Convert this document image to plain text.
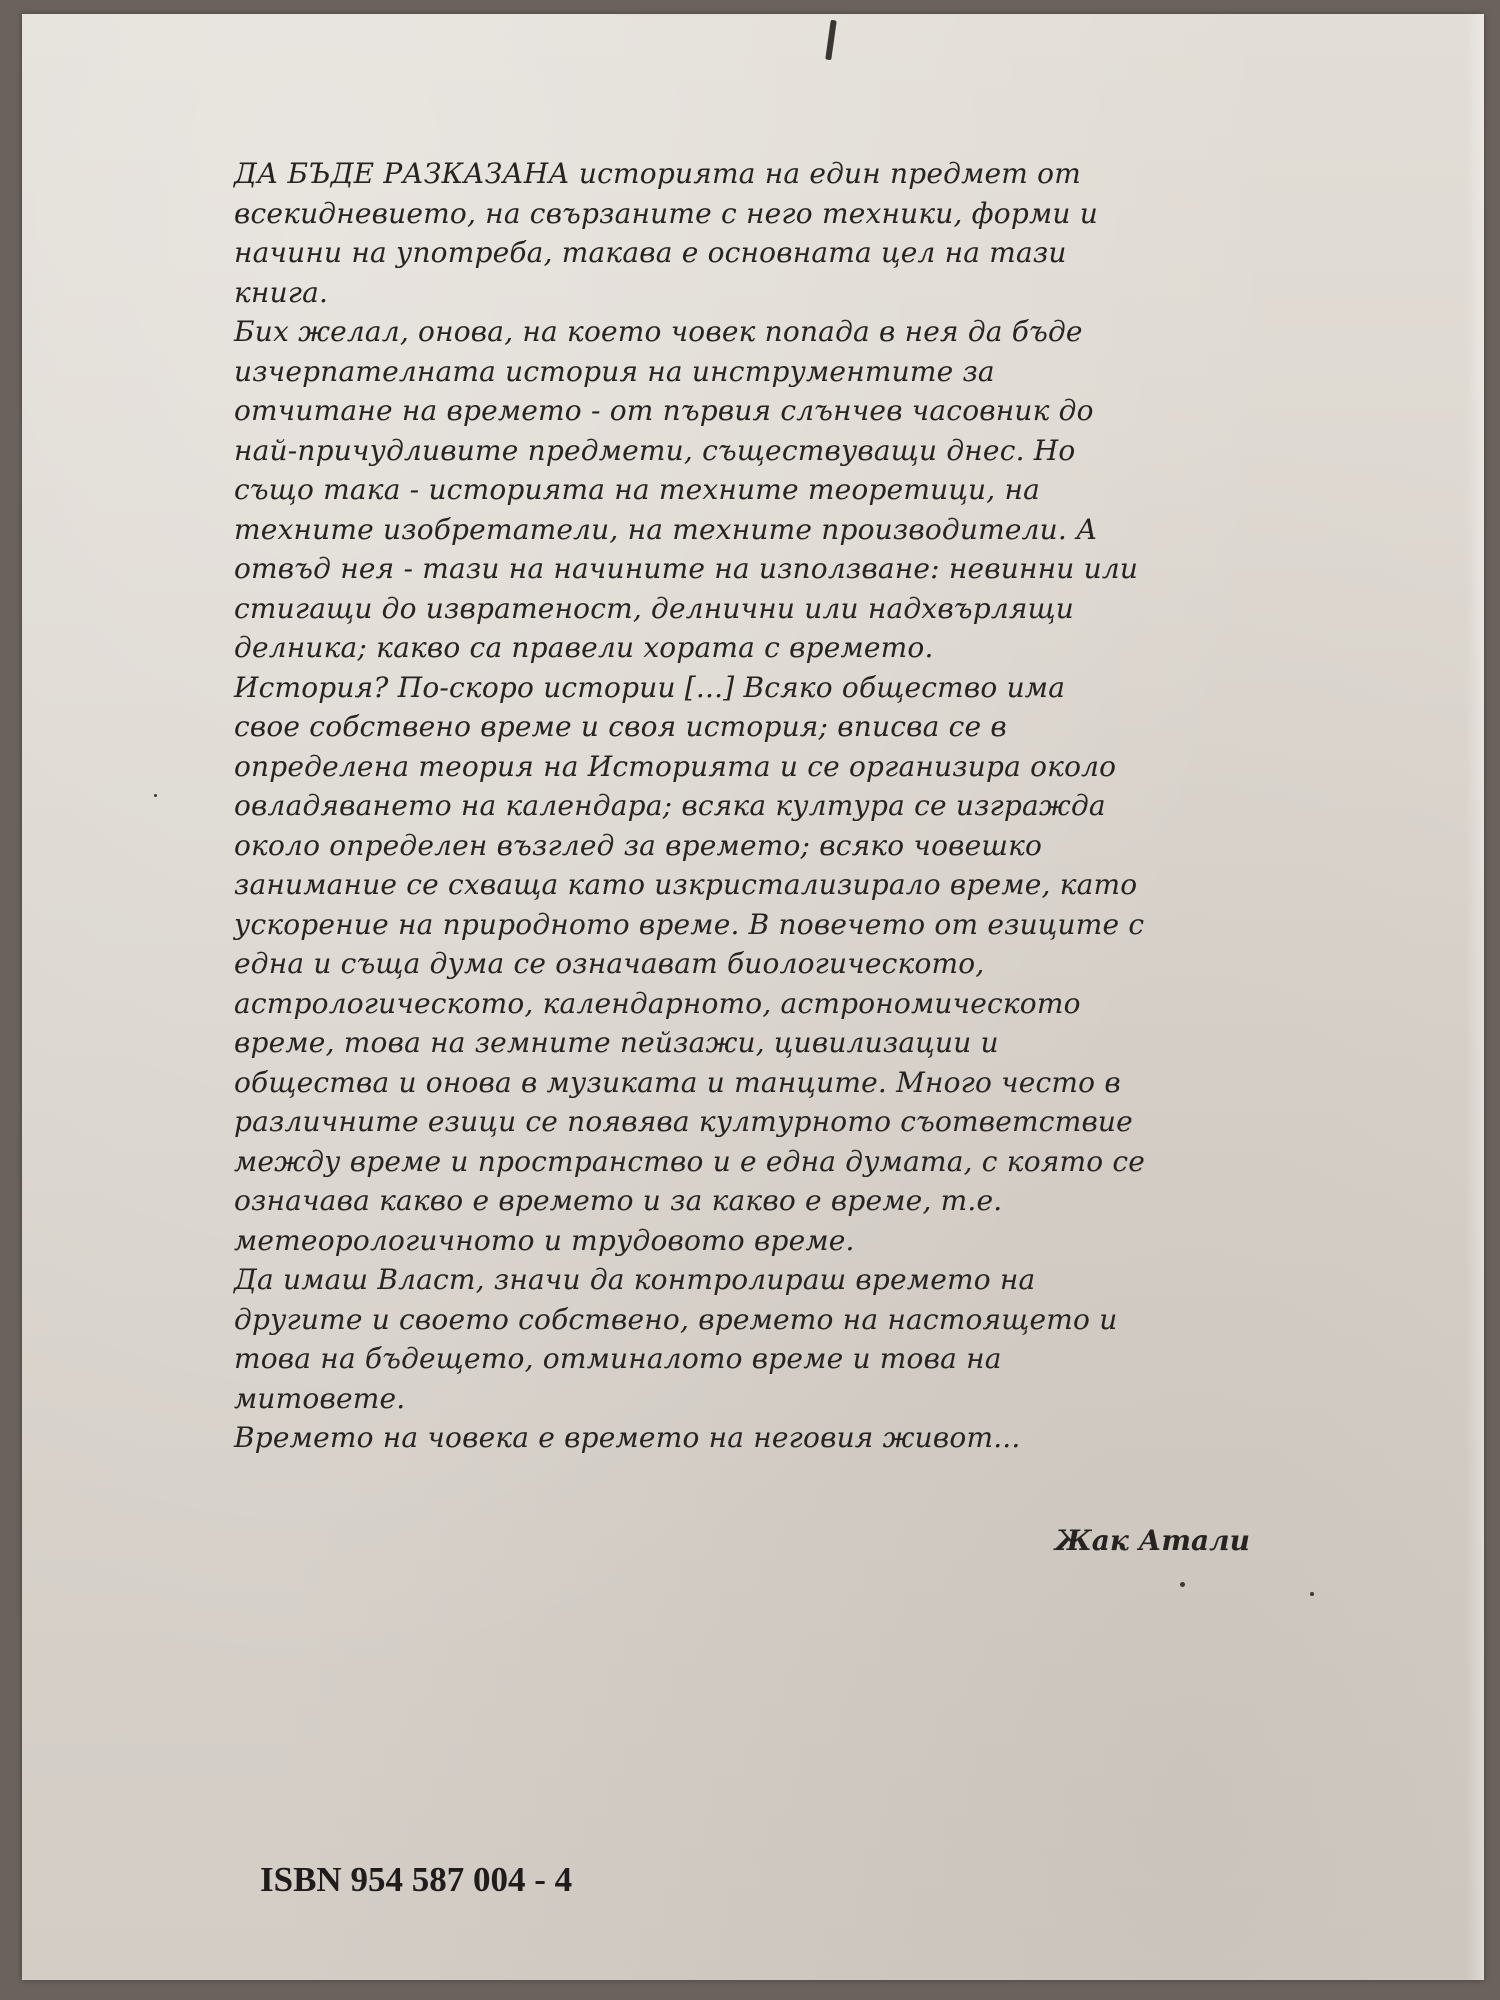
ДА БЪДЕ РАЗКАЗАНА историята на един предмет от
всекидневието, на свързаните с него техники, форми и
начини на употреба, такава е основната цел на тази
книга.
Бих желал, онова, на което човек попада в нея да бъде
изчерпателната история на инструментите за
отчитане на времето - от първия слънчев часовник до
най-причудливите предмети, съществуващи днес. Но
също така - историята на техните теоретици, на
техните изобретатели, на техните производители. А
отвъд нея - тази на начините на използване: невинни или
стигащи до извратеност, делнични или надхвърлящи
делника; какво са правели хората с времето.
История? По-скоро истории [...] Всяко общество има
свое собствено време и своя история; вписва се в
определена теория на Историята и се организира около
овладяването на календара; всяка култура се изгражда
около определен възглед за времето; всяко човешко
занимание се схваща като изкристализирало време, като
ускорение на природното време. В повечето от езиците с
една и съща дума се означават биологическото,
астрологическото, календарното, астрономическото
време, това на земните пейзажи, цивилизации и
общества и онова в музиката и танците. Много често в
различните езици се появява културното съответствие
между време и пространство и е една думата, с която се
означава какво е времето и за какво е време, т.е.
метеорологичното и трудовото време.
Да имаш Власт, значи да контролираш времето на
другите и своето собствено, времето на настоящето и
това на бъдещето, отминалото време и това на
митовете.
Времето на човека е времето на неговия живот...

Жак Атали
ISBN 954 587 004 - 4
